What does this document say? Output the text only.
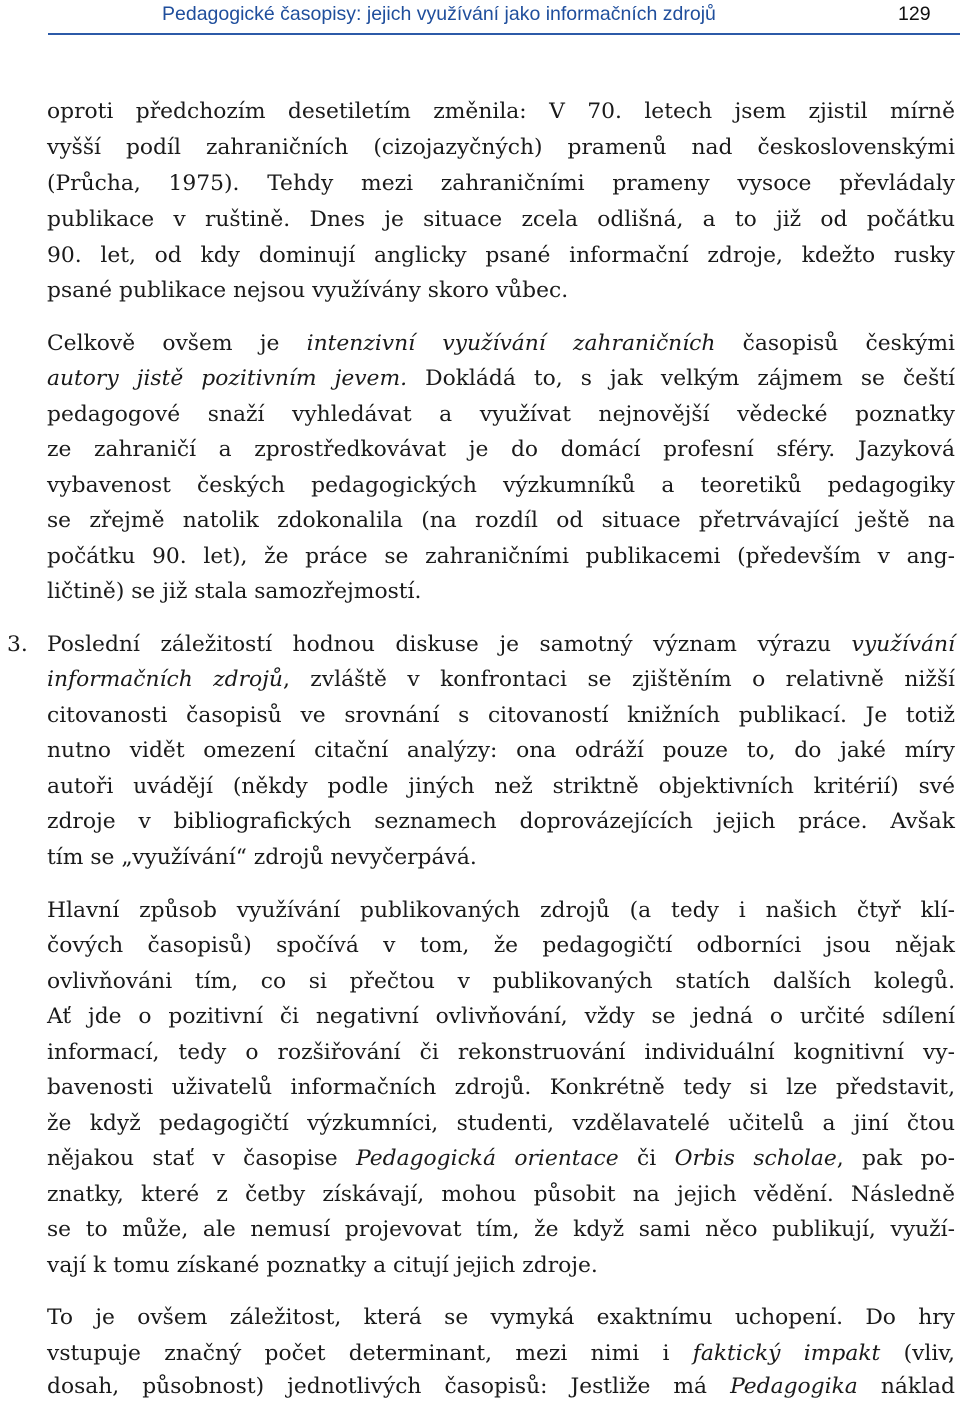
Pedagogické časopisy: jejich využívání jako informačních zdrojů	129
oproti předchozím desetiletím změnila: V 70. letech jsem zjistil mírně
vyšší podíl zahraničních (cizojazyčných) pramenů nad československými
(Průcha, 1975). Tehdy mezi zahraničními prameny vysoce převládaly
publikace v ruštině. Dnes je situace zcela odlišná, a to již od počátku
90. let, od kdy dominují anglicky psané informační zdroje, kdežto rusky
psané publikace nejsou využívány skoro vůbec.
Celkově ovšem je intenzivní využívání zahraničních časopisů českými
autory jistě pozitivním jevem. Dokládá to, s jak velkým zájmem se čeští
pedagogové snaží vyhledávat a využívat nejnovější vědecké poznatky
ze zahraničí a zprostředkovávat je do domácí profesní sféry. Jazyková
vybavenost českých pedagogických výzkumníků a teoretiků pedagogiky
se zřejmě natolik zdokonalila (na rozdíl od situace přetrvávající ještě na
počátku 90. let), že práce se zahraničními publikacemi (především v ang-
ličtině) se již stala samozřejmostí.
3. Poslední záležitostí hodnou diskuse je samotný význam výrazu využívání
informačních zdrojů, zvláště v konfrontaci se zjištěním o relativně nižší
citovanosti časopisů ve srovnání s citovaností knižních publikací. Je totiž
nutno vidět omezení citační analýzy: ona odráží pouze to, do jaké míry
autoři uvádějí (někdy podle jiných než striktně objektivních kritérií) své
zdroje v bibliografických seznamech doprovázejících jejich práce. Avšak
tím se „využívání“ zdrojů nevyčerpává.
Hlavní způsob využívání publikovaných zdrojů (a tedy i našich čtyř klí-
čových časopisů) spočívá v tom, že pedagogičtí odborníci jsou nějak
ovlivňováni tím, co si přečtou v publikovaných statích dalších kolegů.
Ať jde o pozitivní či negativní ovlivňování, vždy se jedná o určité sdílení
informací, tedy o rozšiřování či rekonstruování individuální kognitivní vy-
bavenosti uživatelů informačních zdrojů. Konkrétně tedy si lze představit,
že když pedagogičtí výzkumníci, studenti, vzdělavatelé učitelů a jiní čtou
nějakou stať v časopise Pedagogická orientace či Orbis scholae, pak po-
znatky, které z četby získávají, mohou působit na jejich vědění. Následně
se to může, ale nemusí projevovat tím, že když sami něco publikují, využí-
vají k tomu získané poznatky a citují jejich zdroje.
To je ovšem záležitost, která se vymyká exaktnímu uchopení. Do hry
vstupuje značný počet determinant, mezi nimi i faktický impakt (vliv,
dosah, působnost) jednotlivých časopisů: Jestliže má Pedagogika náklad
